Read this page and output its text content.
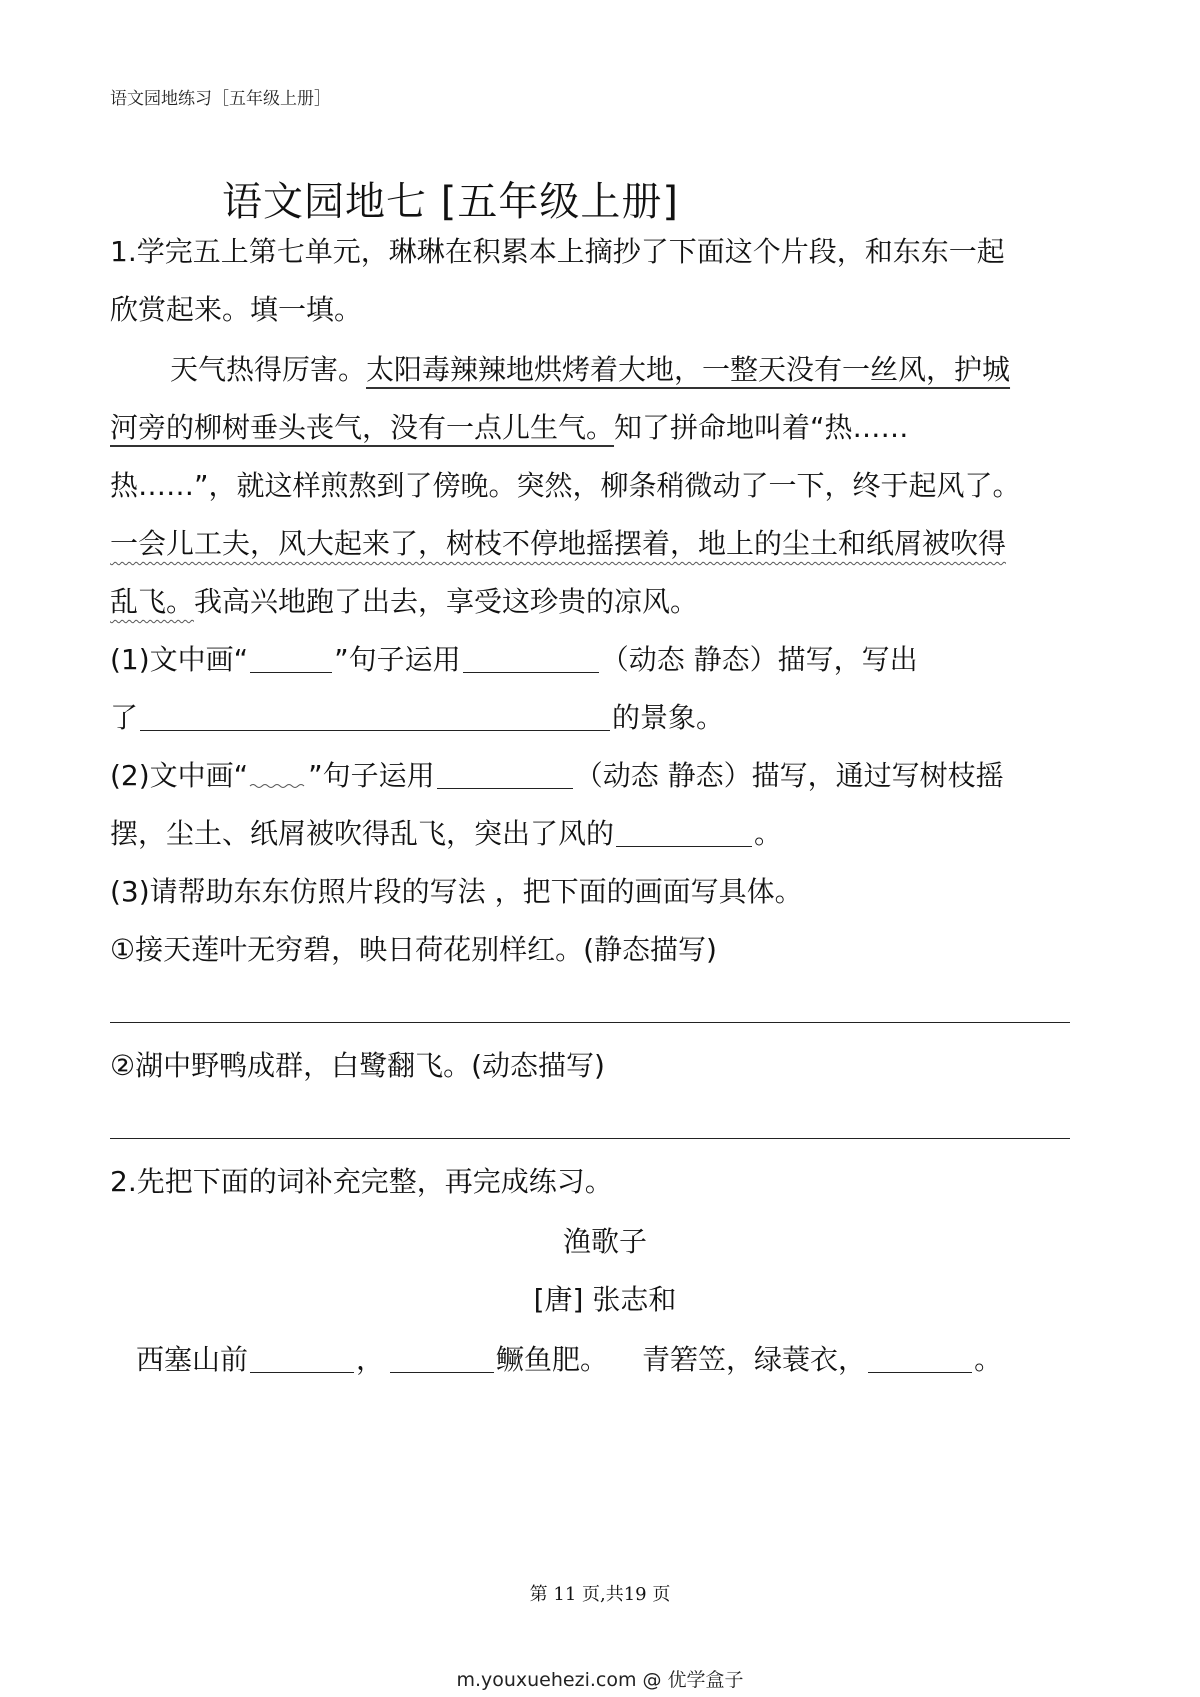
语文园地练习［五年级上册］
语文园地七 [五年级上册]
1.学完五上第七单元，琳琳在积累本上摘抄了下面这个片段，和东东一起
欣赏起来。填一填。
天气热得厉害。太阳毒辣辣地烘烤着大地，一整天没有一丝风，护城
河旁的柳树垂头丧气，没有一点儿生气。知了拼命地叫着“热……
热……”，就这样煎熬到了傍晚。突然，柳条稍微动了一下，终于起风了。
一会儿工夫，风大起来了，树枝不停地摇摆着，地上的尘土和纸屑被吹得
乱飞。我高兴地跑了出去，享受这珍贵的凉风。
(1)文中画“	”句子运用	（动态 静态）描写，写出
了	的景象。
(2)文中画“ ”句子运用	（动态 静态）描写，通过写树枝摇
摆，尘土、纸屑被吹得乱飞，突出了风的	。
(3)请帮助东东仿照片段的写法 ，把下面的画面写具体。
①接天莲叶无穷碧，映日荷花别样红。(静态描写)
②湖中野鸭成群，白鹭翻飞。(动态描写)
2.先把下面的词补充完整，再完成练习。
渔歌子
[唐] 张志和
西塞山前	，	鳜鱼肥。 青箬笠，绿蓑衣，	。
第 11 页,共19 页
m.youxuehezi.com @ 优学盒子
